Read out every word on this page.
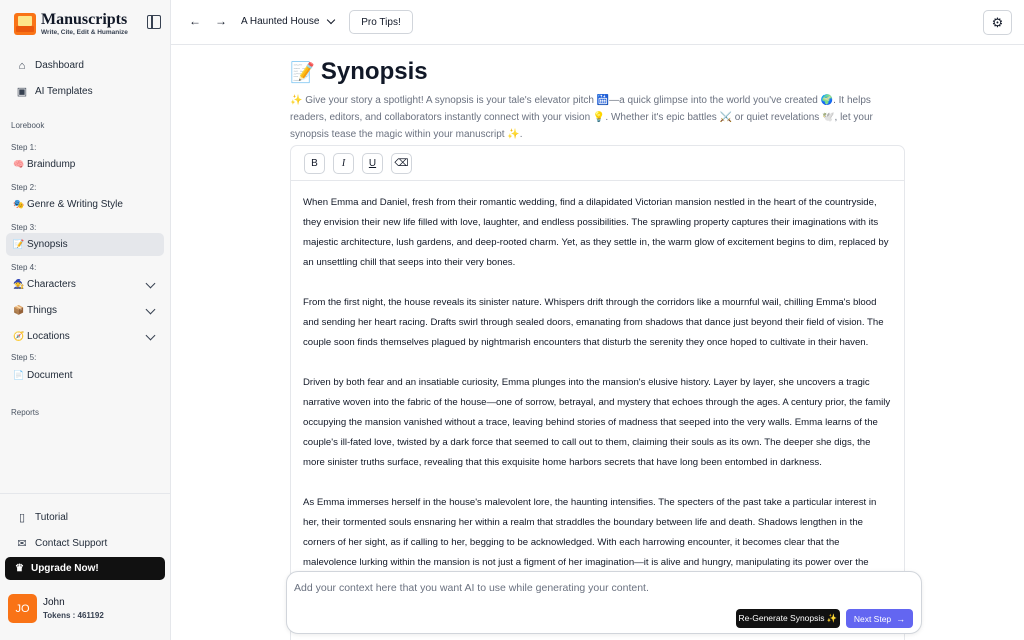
Manuscripts
Write, Cite, Edit & Humanize
⌂ Dashboard
▣ AI Templates
Lorebook
Step 1:
🧠 Braindump
Step 2:
🎭 Genre & Writing Style
Step 3:
📝 Synopsis
Step 4:
🧙 Characters
📦 Things
🧭 Locations
Step 5:
📄 Document
Reports
▯ Tutorial
✉ Contact Support
♛ Upgrade Now!
JO	John
Tokens : 461192
← → A Haunted House	Pro Tips!	⚙
📝 Synopsis

✨ Give your story a spotlight! A synopsis is your tale's elevator pitch 🛗—a quick glimpse into the world you've created 🌍. It helps readers, editors, and collaborators instantly connect with your vision 💡. Whether it's epic battles ⚔️ or quiet revelations 🕊️, let your synopsis tease the magic within your manuscript ✨.

B	I	U	⌫

When Emma and Daniel, fresh from their romantic wedding, find a dilapidated Victorian mansion nestled in the heart of the countryside, they envision their new life filled with love, laughter, and endless possibilities. The sprawling property captures their imaginations with its majestic architecture, lush gardens, and deep-rooted charm. Yet, as they settle in, the warm glow of excitement begins to dim, replaced by an unsettling chill that seeps into their very bones.

From the first night, the house reveals its sinister nature. Whispers drift through the corridors like a mournful wail, chilling Emma's blood and sending her heart racing. Drafts swirl through sealed doors, emanating from shadows that dance just beyond their field of vision. The couple soon finds themselves plagued by nightmarish encounters that disturb the serenity they once hoped to cultivate in their haven.

Driven by both fear and an insatiable curiosity, Emma plunges into the mansion's elusive history. Layer by layer, she uncovers a tragic narrative woven into the fabric of the house—one of sorrow, betrayal, and mystery that echoes through the ages. A century prior, the family occupying the mansion vanished without a trace, leaving behind stories of madness that seeped into the very walls. Emma learns of the couple's ill-fated love, twisted by a dark force that seemed to call out to them, claiming their souls as its own. The deeper she digs, the more sinister truths surface, revealing that this exquisite home harbors secrets that have long been entombed in darkness.

As Emma immerses herself in the house's malevolent lore, the haunting intensifies. The specters of the past take a particular interest in her, their tormented souls ensnaring her within a realm that straddles the boundary between life and death. Shadows lengthen in the corners of her sight, as if calling to her, begging to be acknowledged. With each harrowing encounter, it becomes clear that the malevolence lurking within the mansion is not just a figment of her imagination—it is alive and hungry, manipulating its power over the

Add your context here that you want AI to use while generating your content.
Re-Generate Synopsis ✨ Next Step →
